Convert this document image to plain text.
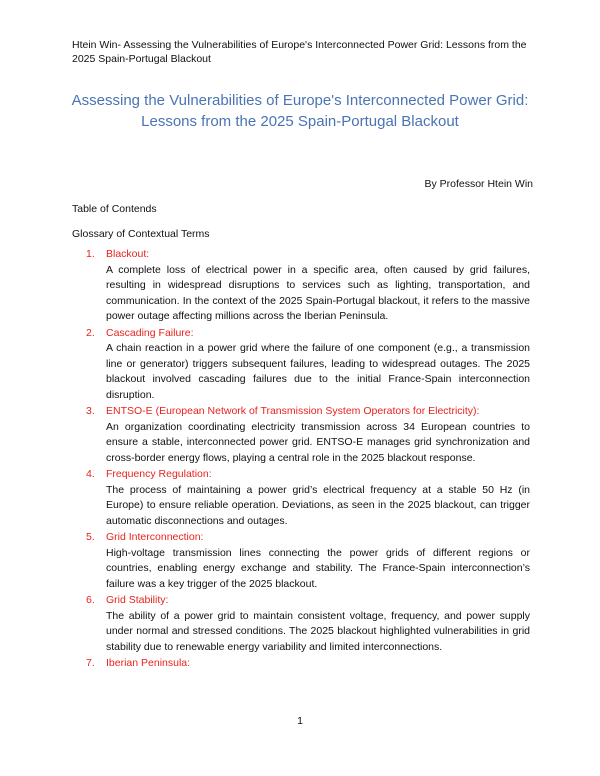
Htein Win- Assessing the Vulnerabilities of Europe's Interconnected Power Grid: Lessons from the 2025 Spain-Portugal Blackout
Assessing the Vulnerabilities of Europe's Interconnected Power Grid: Lessons from the 2025 Spain-Portugal Blackout
By Professor Htein Win
Table of Contends
Glossary of Contextual Terms
1. Blackout:
A complete loss of electrical power in a specific area, often caused by grid failures, resulting in widespread disruptions to services such as lighting, transportation, and communication. In the context of the 2025 Spain-Portugal blackout, it refers to the massive power outage affecting millions across the Iberian Peninsula.
2. Cascading Failure:
A chain reaction in a power grid where the failure of one component (e.g., a transmission line or generator) triggers subsequent failures, leading to widespread outages. The 2025 blackout involved cascading failures due to the initial France-Spain interconnection disruption.
3. ENTSO-E (European Network of Transmission System Operators for Electricity):
An organization coordinating electricity transmission across 34 European countries to ensure a stable, interconnected power grid. ENTSO-E manages grid synchronization and cross-border energy flows, playing a central role in the 2025 blackout response.
4. Frequency Regulation:
The process of maintaining a power grid’s electrical frequency at a stable 50 Hz (in Europe) to ensure reliable operation. Deviations, as seen in the 2025 blackout, can trigger automatic disconnections and outages.
5. Grid Interconnection:
High-voltage transmission lines connecting the power grids of different regions or countries, enabling energy exchange and stability. The France-Spain interconnection’s failure was a key trigger of the 2025 blackout.
6. Grid Stability:
The ability of a power grid to maintain consistent voltage, frequency, and power supply under normal and stressed conditions. The 2025 blackout highlighted vulnerabilities in grid stability due to renewable energy variability and limited interconnections.
7. Iberian Peninsula:
1
